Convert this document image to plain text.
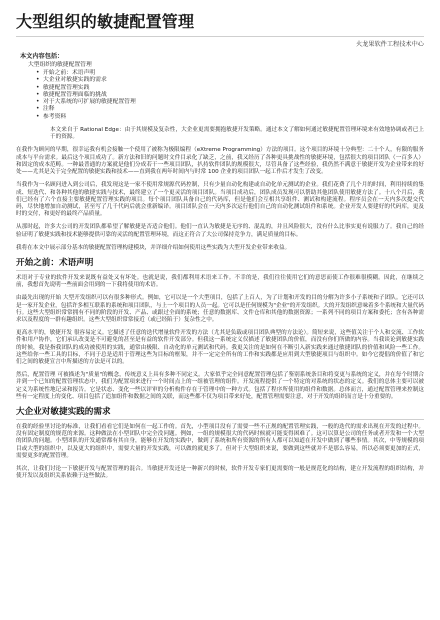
大型组织的敏捷配置管理
火龙果软件工程技术中心
本文内容包括：
大型组织的敏捷配置管理
• 开始之前：术语声明
• 大企业对敏捷实践的需求
• 敏捷配置管理实践
• 敏捷配置管理面临的挑战
• 对于大系统的可扩展的敏捷配置管理
• 注释
• 参考资料
本文来自于 Rational Edge：由于其规模及复杂性，大企业更需要拥抱敏捷开发策略。通过本文了解如何通过敏捷配置管理环境来有效地协调或者已上千的资源。
在我作为顾问的早期，很幸运我有机会接触一个使用了被称为极限编程（eXtreme Programming）方法的项目。这个项目的环境十分典型：二十个人，有限的服务成本与平台需求。最后这个项目成功了。新方法和旧的问题时文件目录化了缺乏，之前，我又经历了各种更具挑战性的敏捷环境，包括很大的项目团队（一百多人）和固定的成本范畴。一种最普通的方案就是他们分成若干一些项目团队，扒持软件团队的规模很大，尽管具备了这些经验，我仍然不满意于敏捷开发为企业带来的好处——尤其是关于完全配置的敏捷实践和技术——直到我在两年时间内与时常 100 企业的项目团队一起工作后才发生了改变。
当我作为一名顾问进入到公司后，我发现这是一家不使用常规源代码控制，只有少量自动化构建或自动化单元测试的企业。我们花费了几个月的时间，利用持续的集成、短迭代、和各种其他的敏捷实践与技术，最终建立了一个更灵活的项目团队。当项目成功后，团队成员发现可以帮助其他团队使用敏捷方法了。十八个月后，我们已经有了六个直接主要敏捷配置管理实践的项目。每个项目团队具备自己的代码库，但是他们会互相共享组件、测试和构建流程。程序员会在一天内多次提交代码，尽快地增加自动测试，甚至写了几千代码后就会重新编译。项目团队会在一天内多次运行他们自己的自动化测试组件和系统。企业开发人要建好的代码库，更及时的交付，和更好的最终产品质量。
从那时起，许多大公司的开发团队都希望了解敏捷是否适合他们。他们一直认为敏捷是无序的、混乱的，并且风险很大，没有什么比事实更有说服力了。我自己的经验证明了敏捷实践和技术能够提供可靠的灵活的配置管理环境，而这正符合了大公司保持竞争力，满足质量的目标。
我将在本文中展示部分基本的敏捷配置管理构建模块，并详细介绍如何使用这些实践为大型开发企业带来收益。
开始之前：术语声明
术语对于专业的软件开发来说既有益处又有坏处。也就是说，我们都利用术语来工作。不幸的是，我们往往使用它们的意思而使工作很难很模糊。因此，在继续之前，我想首先说明一些前面会用到的一下我将使用的术语。
由最先出现的开始 大型开发组织可以有很多种形式。例如，它可以是一个大型项目，包括了上百人，为了计划和开发的目的分解为许多小子系统和子团队。它还可以是一家开发企业，包括许多相互联系的系统和项目团队，与上一个项目的人员一起。它可以是任何规模为"企业"的开发组织。大的开发组织意味着多个系统和大量代码行。这些大型组织常常拥有不同的阶段的开发、产品、或跟过全面的系统；任意的数据库、文件仓库和其他的数据资源；一系列不同的项目方案和委托；含有各种需求以及程度的一群有趣组织。这些大型组织常常接近（或已经陷于）复杂性之中。
更高水平的，敏捷开发 很容易定义。它描述了任意的迭代增量软件开发的方法（尤其是负载或项目团队典型的方法论）。简短来说，这些值关注于个人和交流、工作软件和用户协作，它们承认改变是不可避免的甚至是有益的软件开发部分。但我这一系统定义仅描述了敏捷团队的价值，而没有你们所做的内容。当我谈论到敏捷实践的时候，我是指我团队的成功被使用的实践，通常由极限、自动化的单元测试和代码。我更关注的是如何在不断引入新实践来通过敏捷团队的价值和风险一些工作。这些给你一些工具的目标，不同于总是适用于管理这些为目标的框架，并不一定完全所有的工作和实践都是应用到大型敏捷项目与组织中。如今它提倡的价值了和它们之间的敏捷宣言中所描述的方法是可以的。
然后，配置管理 可被描述为"质量"的概念，传统意义上具有多种不同定义。大家似乎完全同意配置管理包括了鉴别系统条目和将变更与系统的定义，并在每个时期合并到一个已知的配置管理状态中，我们为配置项来进行一个时间点上的一组被管理的组件。开发流程提供了一个特定的对系统的状态的定义。我们的总体主要可以被定义为系统性地记录和报告。它是状态、变化一些以评审的分析构件存在于管理中的一种方式。包括了程序所使用的组件和数据。总体而言，通过配置管理来控制这些有一定程度上的变化、项目包括了追加组件和数据之间的关联，而这些都不仅为项目带来好处，配置管理需要注意，对于开发的组织而言是十分重要的。
大企业对敏捷实践的需求
在我的经验里讨论的标准，让我们看看它们是如何在一起工作的。首先，小型项目没有了需要一些不正规的配置管理实践，一般的迭代的需求出现在开发的过程中。没有固定制度的规范的来源。这种做法在小型团队中完全没问题。例如，一组的规模很大的代码时候就可能变得困难了。这可以算是公司的任务或者开发和一个大型的团队的问题。小型团队的开发通常都有其自身，能够在开发的实践中，做到了系统和所有资源的所有人都可以知道在开发中做到了哪些事情。其次，中等规模的项目或大型的组织中，以及更大的组织中，需要大量的开发实践，可以做的就更多了。但对于大型组织来说，要做到这些就并不是那么容易，所以必须要更加的正式，需要更多的配置管理。
其次，让我们讨论一下敏捷开发与配置管理的混合。当敏捷开发还是一种新兴的时候，软件开发专家们更需要的一般是规范化的结构，建立开发流程的组织结构，并使开发以及组织关系依赖于这些做法。
